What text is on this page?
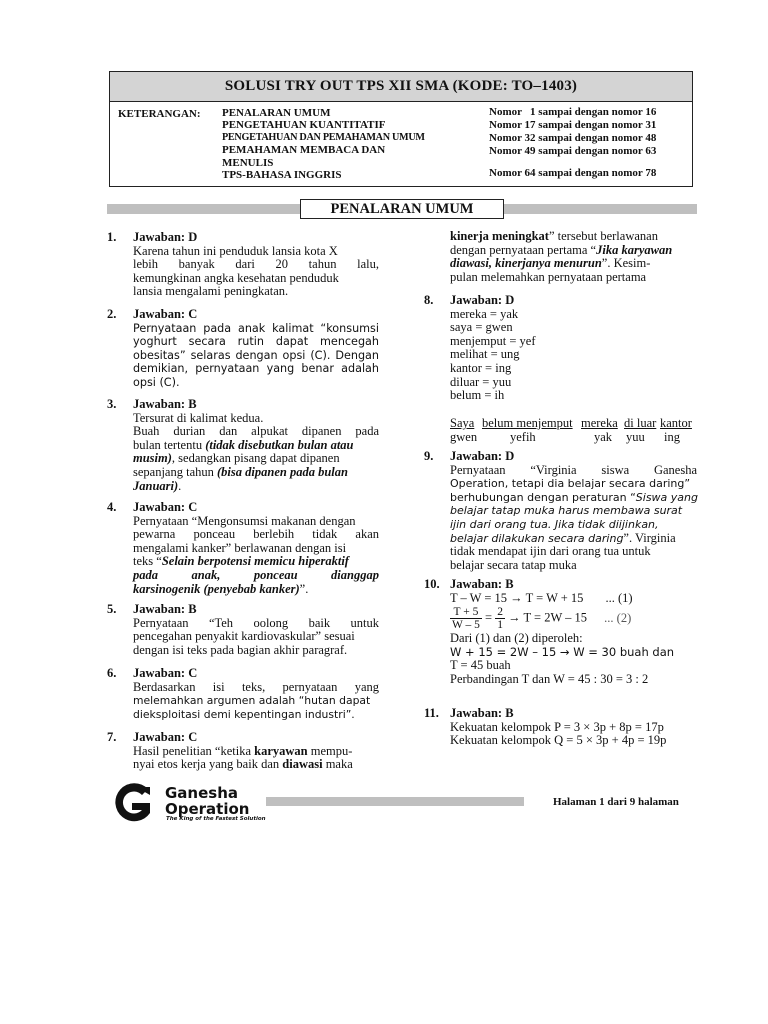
SOLUSI TRY OUT TPS XII SMA (KODE: TO–1403)
KETERANGAN: PENALARAN UMUM
PENGETAHUAN KUANTITATIF
PENGETAHUAN DAN PEMAHAMAN UMUM
PEMAHAMAN MEMBACA DAN
MENULIS
TPS-BAHASA INGGRIS
Nomor   1 sampai dengan nomor 16
Nomor 17 sampai dengan nomor 31
Nomor 32 sampai dengan nomor 48
Nomor 49 sampai dengan nomor 63
Nomor 64 sampai dengan nomor 78
PENALARAN UMUM
1. Jawaban: D
Karena tahun ini penduduk lansia kota X
lebih banyak dari 20 tahun lalu,
kemungkinan angka kesehatan penduduk
lansia mengalami peningkatan.
2. Jawaban: C
Pernyataan pada anak kalimat “konsumsi
yoghurt secara rutin dapat mencegah
obesitas” selaras dengan opsi (C). Dengan
demikian, pernyataan yang benar adalah
opsi (C).
3. Jawaban: B
Tersurat di kalimat kedua.
Buah durian dan alpukat dipanen pada
bulan tertentu (tidak disebutkan bulan atau
musim), sedangkan pisang dapat dipanen
sepanjang tahun (bisa dipanen pada bulan
Januari).
4. Jawaban: C
Pernyataan “Mengonsumsi makanan dengan
pewarna ponceau berlebih tidak akan
mengalami kanker” berlawanan dengan isi
teks “Selain berpotensi memicu hiperaktif
pada anak, ponceau dianggap
karsinogenik (penyebab kanker)”.
5. Jawaban: B
Pernyataan “Teh oolong baik untuk
pencegahan penyakit kardiovaskular” sesuai
dengan isi teks pada bagian akhir paragraf.
6. Jawaban: C
Berdasarkan isi teks, pernyataan yang
melemahkan argumen adalah “hutan dapat
dieksploitasi demi kepentingan industri”.
7. Jawaban: C
Hasil penelitian “ketika karyawan mempu-
nyai etos kerja yang baik dan diawasi maka
kinerja meningkat” tersebut berlawanan
dengan pernyataan pertama “Jika karyawan
diawasi, kinerjanya menurun”. Kesim-
pulan melemahkan pernyataan pertama
8. Jawaban: D
mereka = yak
saya = gwen
menjemput = yef
melihat = ung
kantor = ing
diluar = yuu
belum = ih
Saya belum menjemput mereka di luar kantor
gwen	yefih	yak yuu ing
9. Jawaban: D
Pernyataan “Virginia siswa Ganesha
Operation, tetapi dia belajar secara daring”
berhubungan dengan peraturan “Siswa yang
belajar tatap muka harus membawa surat
ijin dari orang tua. Jika tidak diijinkan,
belajar dilakukan secara daring”. Virginia
tidak mendapat ijin dari orang tua untuk
belajar secara tatap muka
10. Jawaban: B
T – W = 15 → T = W + 15 ... (1)
$\frac{T + 5}{W - 5} = \frac{2}{1} \to T = 2W - 15$ ... (2)
Dari (1) dan (2) diperoleh:
W + 15 = 2W – 15 → W = 30 buah dan
T = 45 buah
Perbandingan T dan W = 45 : 30 = 3 : 2
11. Jawaban: B
Kekuatan kelompok P = 3 × 3p + 8p = 17p
Kekuatan kelompok Q = 5 × 3p + 4p = 19p
Ganesha
Operation
The King of the Fastest Solution
Halaman 1 dari 9 halaman
